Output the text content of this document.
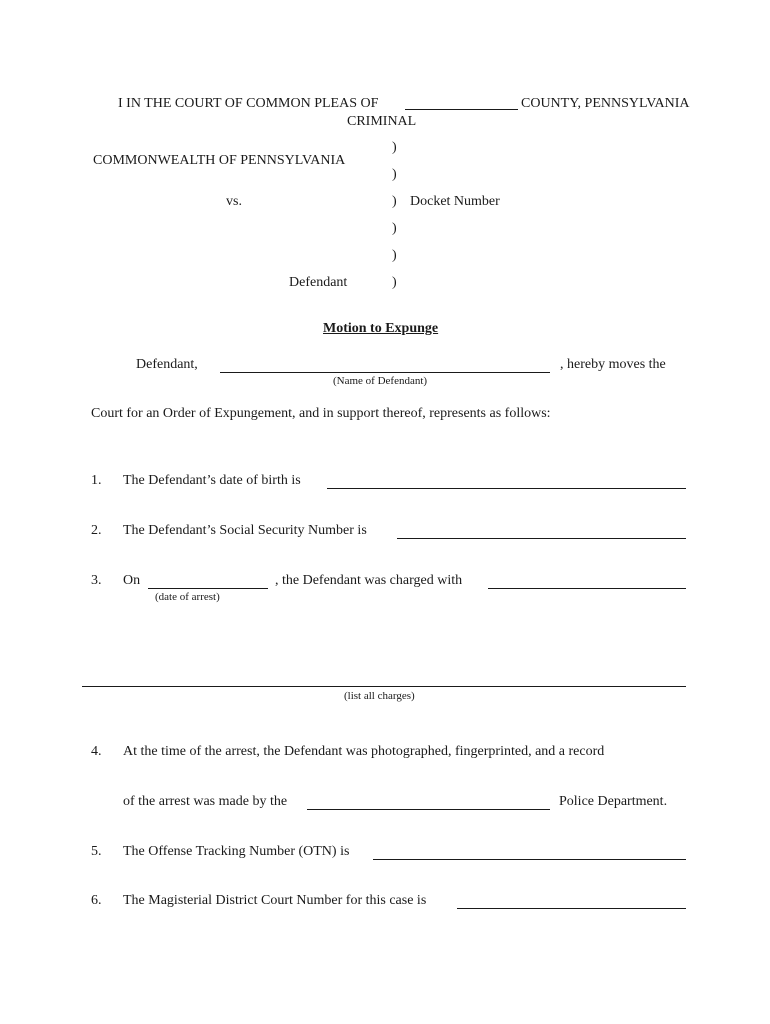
I IN THE COURT OF COMMON PLEAS OF	COUNTY, PENNSYLVANIA
CRIMINAL
)
COMMONWEALTH OF PENNSYLVANIA
)
vs.	) Docket Number
)
)
Defendant	)
Motion to Expunge
Defendant,	, hereby moves the
(Name of Defendant)
Court for an Order of Expungement, and in support thereof, represents as follows:
1. The Defendant’s date of birth is
2. The Defendant’s Social Security Number is
3. On	, the Defendant was charged with
(date of arrest)
(list all charges)
4. At the time of the arrest, the Defendant was photographed, fingerprinted, and a record
of the arrest was made by the	Police Department.
5. The Offense Tracking Number (OTN) is
6. The Magisterial District Court Number for this case is
